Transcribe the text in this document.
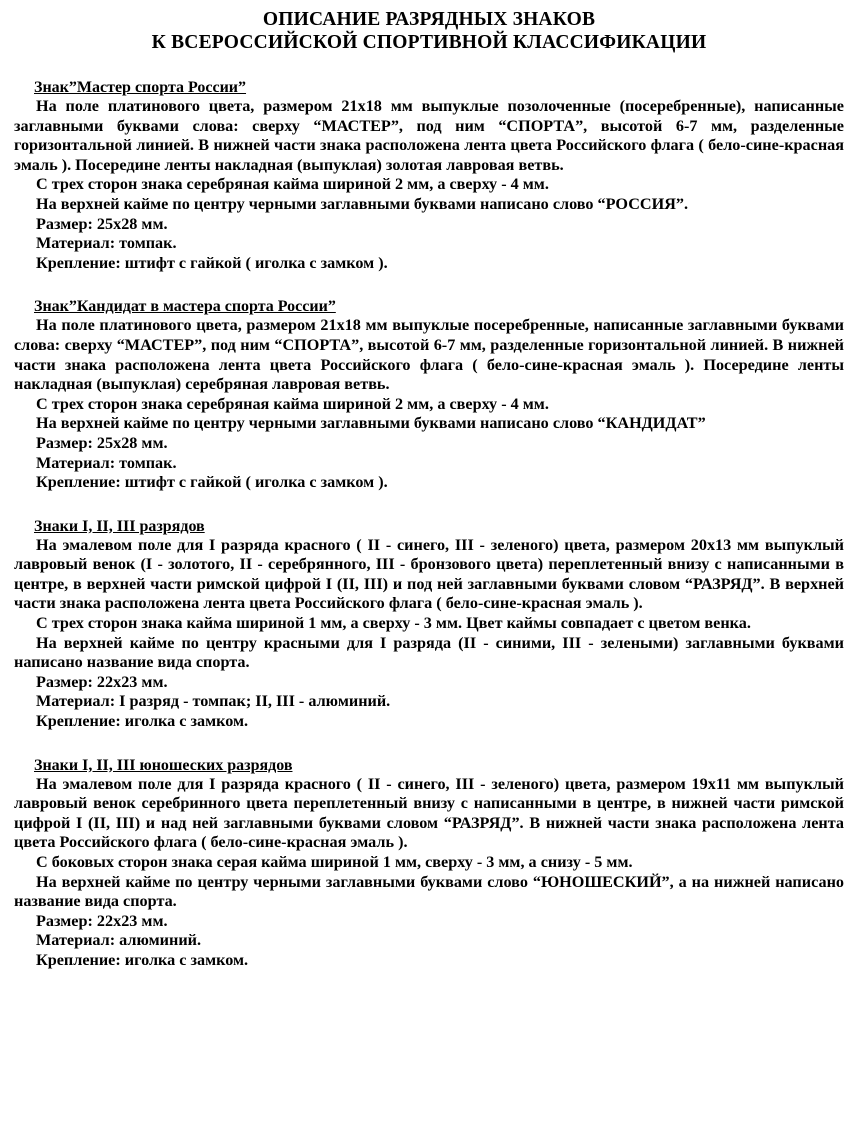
ОПИСАНИЕ РАЗРЯДНЫХ ЗНАКОВ

К ВСЕРОССИЙСКОЙ СПОРТИВНОЙ КЛАССИФИКАЦИИ

Знак”Мастер спорта России”

На поле платинового цвета, размером 21х18 мм выпуклые позолоченные (посеребренные), написанные заглавными буквами слова: сверху “МАСТЕР”, под ним “СПОРТА”, высотой 6-7 мм, разделенные горизонтальной линией. В нижней части знака расположена лента цвета Российского флага ( бело-сине-красная эмаль ). Посередине ленты накладная (выпуклая) золотая лавровая ветвь.

С трех сторон знака серебряная кайма шириной 2 мм, а сверху - 4 мм.

На верхней кайме по центру черными заглавными буквами написано слово “РОССИЯ”.

Размер: 25х28 мм.

Материал: томпак.

Крепление: штифт с гайкой ( иголка с замком ).

Знак”Кандидат в мастера спорта России”

На поле платинового цвета, размером 21х18 мм выпуклые посеребренные, написанные заглавными буквами слова: сверху “МАСТЕР”, под ним “СПОРТА”, высотой 6-7 мм, разделенные горизонтальной линией. В нижней части знака расположена лента цвета Российского флага ( бело-сине-красная эмаль ). Посередине ленты накладная (выпуклая) серебряная лавровая ветвь.

С трех сторон знака серебряная кайма шириной 2 мм, а сверху - 4 мм.

На верхней кайме по центру черными заглавными буквами написано слово “КАНДИДАТ”

Размер: 25х28 мм.

Материал: томпак.

Крепление: штифт с гайкой ( иголка с замком ).

Знаки I, II, III разрядов

На эмалевом поле для I разряда красного ( II - синего, III - зеленого) цвета, размером 20х13 мм выпуклый лавровый венок (I - золотого, II - серебрянного, III - бронзового цвета) переплетенный внизу с написанными в центре, в верхней части римской цифрой I (II, III) и под ней заглавными буквами словом “РАЗРЯД”. В верхней части знака расположена лента цвета Российского флага ( бело-сине-красная эмаль ).

С трех сторон знака кайма шириной 1 мм, а сверху - 3 мм. Цвет каймы совпадает с цветом венка.

На верхней кайме по центру красными для I разряда (II - синими, III - зелеными) заглавными буквами написано название вида спорта.

Размер: 22х23 мм.

Материал: I разряд - томпак; II, III - алюминий.

Крепление: иголка с замком.

Знаки I, II, III юношеских разрядов

На эмалевом поле для I разряда красного ( II - синего, III - зеленого) цвета, размером 19х11 мм выпуклый лавровый венок серебринного цвета переплетенный внизу с написанными в центре, в нижней части римской цифрой I (II, III) и над ней заглавными буквами словом “РАЗРЯД”. В нижней части знака расположена лента цвета Российского флага ( бело-сине-красная эмаль ).

С боковых сторон знака серая кайма шириной 1 мм, сверху - 3 мм, а снизу - 5 мм.

На верхней кайме по центру черными заглавными буквами слово “ЮНОШЕСКИЙ”, а на нижней написано название вида спорта.

Размер: 22х23 мм.

Материал: алюминий.

Крепление: иголка с замком.
